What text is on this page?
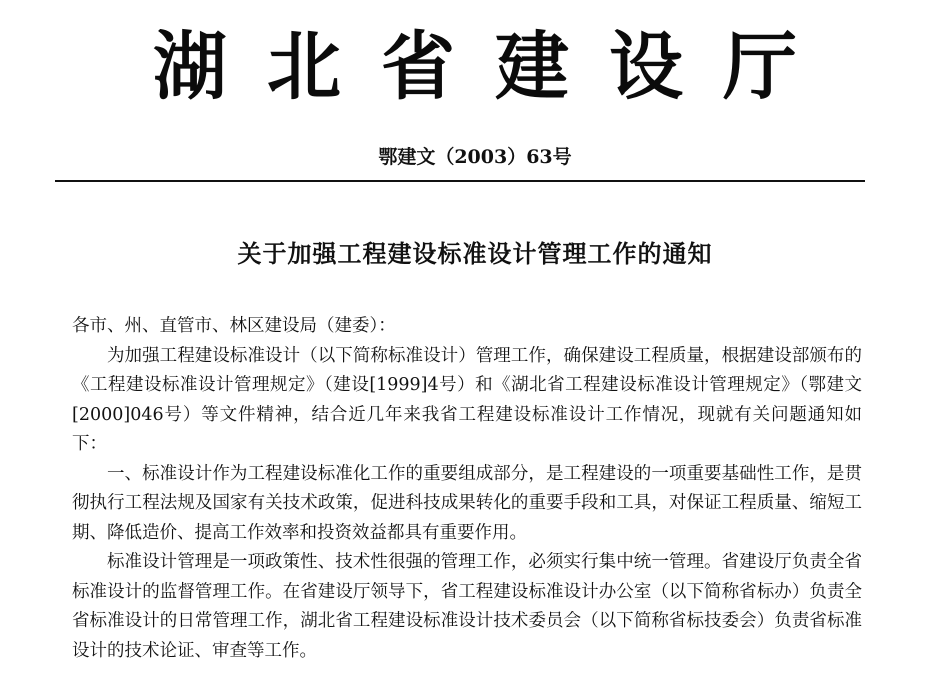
湖北省建设厅
鄂建文（2003）63号
关于加强工程建设标准设计管理工作的通知

各市、州、直管市、林区建设局（建委）：

为加强工程建设标准设计（以下简称标准设计）管理工作，确保建设工程质量，根据建设部颁布的《工程建设标准设计管理规定》（建设[1999]4号）和《湖北省工程建设标准设计管理规定》（鄂建文[2000]046号）等文件精神，结合近几年来我省工程建设标准设计工作情况，现就有关问题通知如下：

一、标准设计作为工程建设标准化工作的重要组成部分，是工程建设的一项重要基础性工作，是贯彻执行工程法规及国家有关技术政策，促进科技成果转化的重要手段和工具，对保证工程质量、缩短工期、降低造价、提高工作效率和投资效益都具有重要作用。

标准设计管理是一项政策性、技术性很强的管理工作，必须实行集中统一管理。省建设厅负责全省标准设计的监督管理工作。在省建设厅领导下，省工程建设标准设计办公室（以下简称省标办）负责全省标准设计的日常管理工作，湖北省工程建设标准设计技术委员会（以下简称省标技委会）负责省标准设计的技术论证、审查等工作。
